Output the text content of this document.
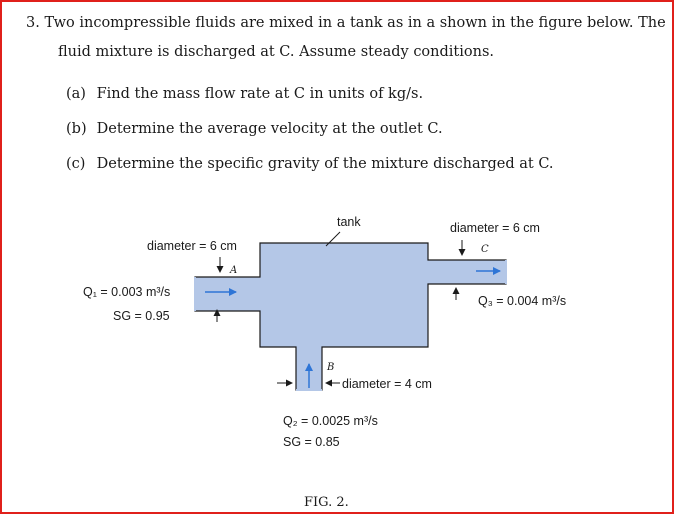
3. Two incompressible fluids are mixed in a tank as in a shown in the figure below. The
fluid mixture is discharged at C. Assume steady conditions.
(a) Find the mass flow rate at C in units of kg/s.
(b) Determine the average velocity at the outlet C.
(c) Determine the specific gravity of the mixture discharged at C.
tank
diameter = 6 cm
A
Q₁ = 0.003 m³/s
SG = 0.95
diameter = 6 cm
C
Q₃ = 0.004 m³/s
B
diameter = 4 cm
Q₂ = 0.0025 m³/s
SG = 0.85
FIG. 2.
